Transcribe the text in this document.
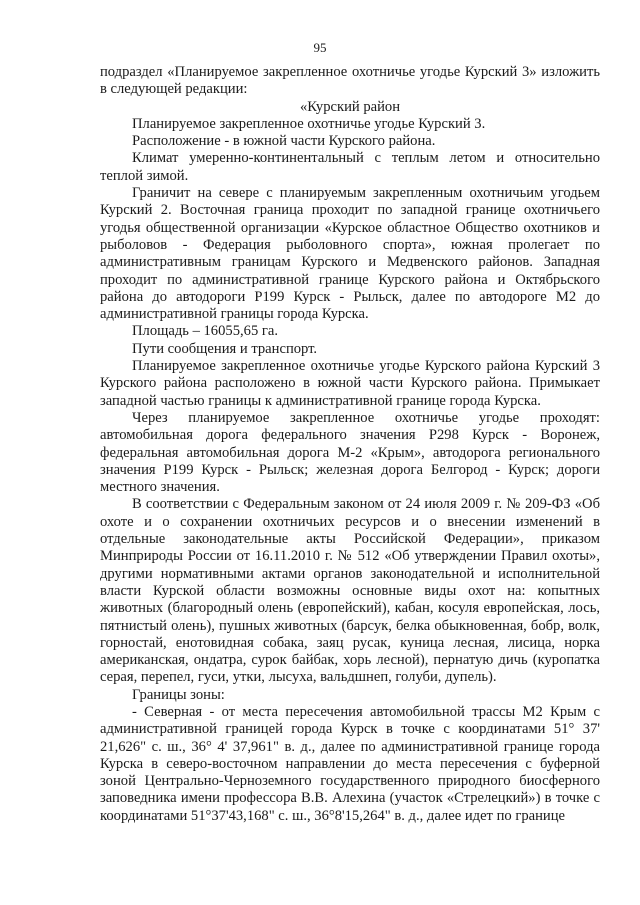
95

подраздел «Планируемое закрепленное охотничье угодье Курский 3» изложить в следующей редакции:

«Курский район

Планируемое закрепленное охотничье угодье Курский 3.

Расположение - в южной части Курского района.

Климат умеренно-континентальный с теплым летом и относительно теплой зимой.

Граничит на севере с планируемым закрепленным охотничьим угодьем Курский 2. Восточная граница проходит по западной границе охотничьего угодья общественной организации «Курское областное Общество охотников и рыболовов - Федерация рыболовного спорта», южная пролегает по административным границам Курского и Медвенского районов. Западная проходит по административной границе Курского района и Октябрьского района до автодороги Р199 Курск - Рыльск, далее по автодороге М2 до административной границы города Курска.

Площадь – 16055,65 га.

Пути сообщения и транспорт.

Планируемое закрепленное охотничье угодье Курского района Курский 3 Курского района расположено в южной части Курского района. Примыкает западной частью границы к административной границе города Курска.

Через планируемое закрепленное охотничье угодье проходят: автомобильная дорога федерального значения Р298 Курск - Воронеж, федеральная автомобильная дорога М-2 «Крым», автодорога регионального значения Р199 Курск - Рыльск; железная дорога Белгород - Курск; дороги местного значения.

В соответствии с Федеральным законом от 24 июля 2009 г. № 209-ФЗ «Об охоте и о сохранении охотничьих ресурсов и о внесении изменений в отдельные законодательные акты Российской Федерации», приказом Минприроды России от 16.11.2010 г. № 512 «Об утверждении Правил охоты», другими нормативными актами органов законодательной и исполнительной власти Курской области возможны основные виды охот на: копытных животных (благородный олень (европейский), кабан, косуля европейская, лось, пятнистый олень), пушных животных (барсук, белка обыкновенная, бобр, волк, горностай, енотовидная собака, заяц русак, куница лесная, лисица, норка американская, ондатра, сурок байбак, хорь лесной), пернатую дичь (куропатка серая, перепел, гуси, утки, лысуха, вальдшнеп, голуби, дупель).

Границы зоны:

- Северная - от места пересечения автомобильной трассы М2 Крым с административной границей города Курск в точке с координатами 51° 37' 21,626" с. ш., 36° 4' 37,961" в. д., далее по административной границе города Курска в северо-восточном направлении до места пересечения с буферной зоной Центрально-Черноземного государственного природного биосферного заповедника имени профессора В.В. Алехина (участок «Стрелецкий») в точке с координатами 51°37'43,168" с. ш., 36°8'15,264" в. д., далее идет по границе
